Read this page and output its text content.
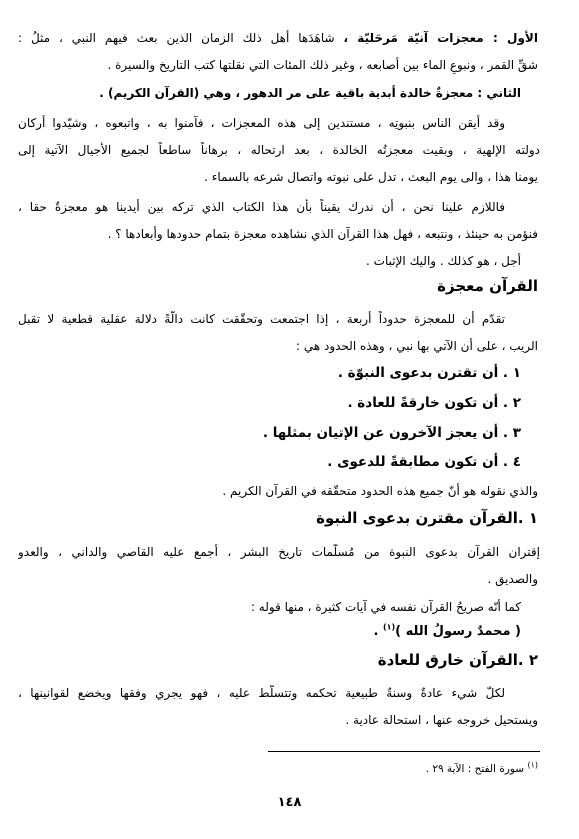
الأول : معجزات آنيّة مَرحَليّة ، شاهَدَها أهل ذلك الزمان الذين بعث فيهم النبي ، مثلُ :
شقِّ القمر ، ونبوعِ الماء بين أصابعه ، وغير ذلك المئات التي نقلتها كتب التاريخ والسيرة .
الثاني : معجزةٌ خالدة أبدية باقية على مر الدهور ، وهي (القرآن الكريم) .
وقد أيقن الناس بنبوتِه ، مستندين إلى هذه المعجزات ، فآمنوا به ، واتبعوه ، وشيّدوا أركان
دولته الإلهية ، وبقيت معجزتُه الخالدة ، بعد ارتحاله ، برهاناً ساطعاً لجميع الأجيال الآتية إلى
يومنا هذا ، والى يوم البعث ، تدل على نبوته واتصال شرعه بالسماء .
فاللازم علينا نحن ، أن ندرك يقيناً بأن هذا الكتاب الذي تركه بين أيدينا هو معجزةٌ حقا ،
فنؤمن به حينئذ ، ونتبعه ، فهل هذا القرآن الذي نشاهده معجزة بتمام حدودها وأبعادها ؟ .
أجل ، هو كذلك . واليك الإثبات .
القرآن معجزة
تقدّم أن للمعجزة حدوداً أربعة ، إذا اجتمعت وتحقّقت كانت دالّةً دلالة عقلية قطعية لا تقبل
الريب ، على أن الآتي بها نبي ، وهذه الحدود هي :
١ . أن تقترن بدعوى النبوّة .
٢ . أن تكون خارقةً للعادة .
٣ . أن يعجز الآخرون عن الإتيان بمثلها .
٤ . أن تكون مطابقةً للدعوى .
والذي نقوله هو أنّ جميع هذه الحدود متحقّقه في القرآن الكريم .
١ .القرآن مقترن بدعوى النبوة
إقتران القرآن بدعوى النبوة من مُسلّمات تاريخ البشر ، أجمع عليه القاصي والداني ، والعدو
والصديق .
كما أنّه صريحُ القرآن نفسه في آيات كثيرة ، منها قوله :
( محمدٌ رسولُ الله )$^{(١)}$ .
٢ .القرآن خارق للعادة
لكلّ شيء عادةٌ وسنةٌ طبيعية تحكمه وتتسلّط عليه ، فهو يجري وفقها ويخضع لقوانينها ،
ويستحيل خروجه عنها ، استحالة عادية .
$^{(١)}$ سورة الفتح : الآية ٢٩ .
١٤٨
